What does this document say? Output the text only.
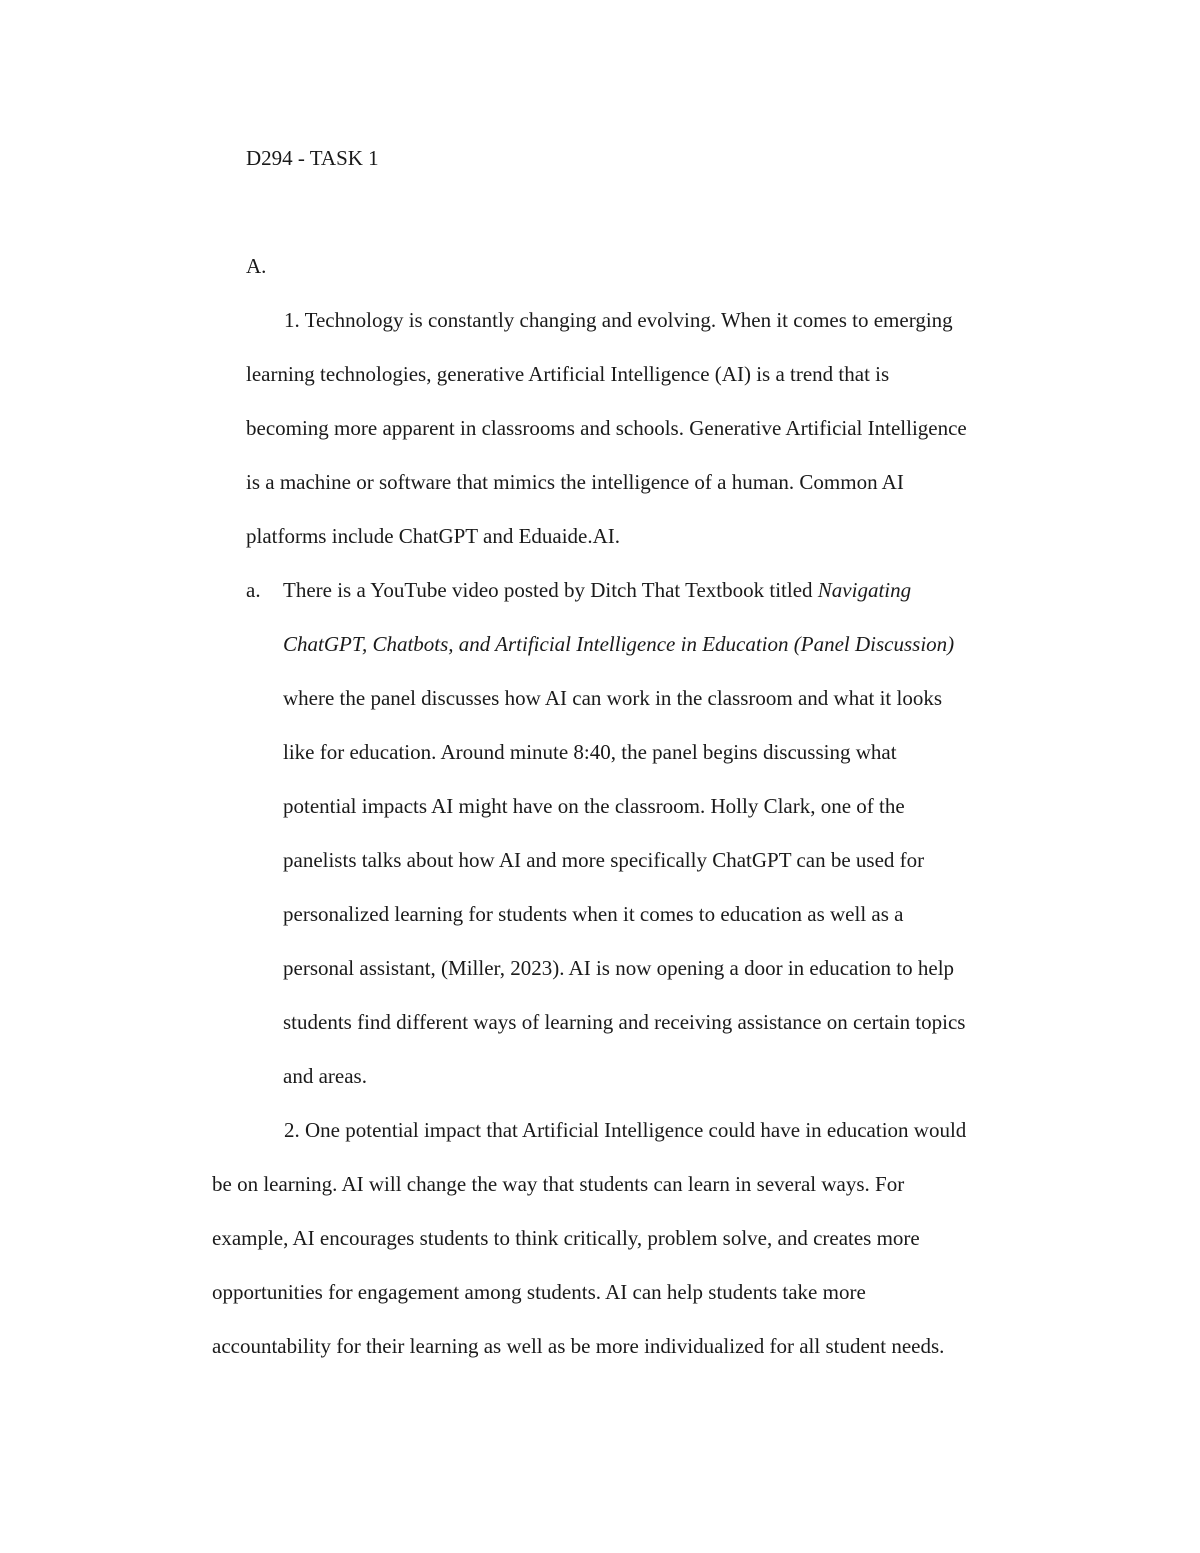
D294 - TASK 1
A.
1. Technology is constantly changing and evolving. When it comes to emerging
learning technologies, generative Artificial Intelligence (AI) is a trend that is
becoming more apparent in classrooms and schools. Generative Artificial Intelligence
is a machine or software that mimics the intelligence of a human. Common AI
platforms include ChatGPT and Eduaide.AI.
a. There is a YouTube video posted by Ditch That Textbook titled Navigating
ChatGPT, Chatbots, and Artificial Intelligence in Education (Panel Discussion)
where the panel discusses how AI can work in the classroom and what it looks
like for education. Around minute 8:40, the panel begins discussing what
potential impacts AI might have on the classroom. Holly Clark, one of the
panelists talks about how AI and more specifically ChatGPT can be used for
personalized learning for students when it comes to education as well as a
personal assistant, (Miller, 2023). AI is now opening a door in education to help
students find different ways of learning and receiving assistance on certain topics
and areas.
2. One potential impact that Artificial Intelligence could have in education would
be on learning. AI will change the way that students can learn in several ways. For
example, AI encourages students to think critically, problem solve, and creates more
opportunities for engagement among students. AI can help students take more
accountability for their learning as well as be more individualized for all student needs.
